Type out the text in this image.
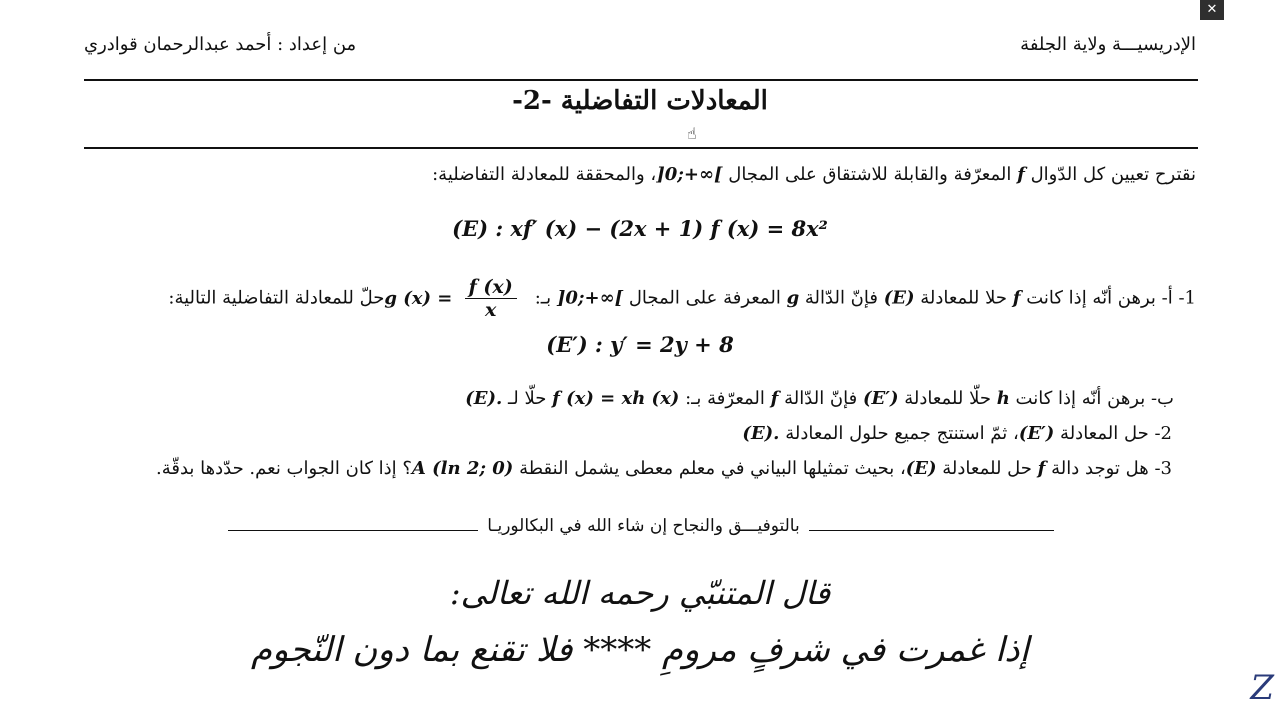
✕
الإدريسيـــة ولاية الجلفة
من إعداد : أحمد عبدالرحمان قوادري
المعادلات التفاضلية -2-
☝
نقترح تعيين كل الدّوال f المعرّفة والقابلة للاشتقاق على المجال ]0;+∞[، والمحققة للمعادلة التفاضلية:
(E) : xf′ (x) − (2x + 1) f (x) = 8x²
1- أ- برهن أنّه إذا كانت f حلا للمعادلة (E) فإنّ الدّالة g المعرفة على المجال ]0;+∞[ بـ: g $(x) = \frac{f (x)}{x}$
حلّ للمعادلة التفاضلية التالية:
(E′) : y′ = 2y + 8
ب- برهن أنّه إذا كانت h حلّا للمعادلة (E′) فإنّ الدّالة f المعرّفة بـ: f (x) = xh (x) حلّا لـ (E).
2- حل المعادلة (E′)، ثمّ استنتج جميع حلول المعادلة (E).
3- هل توجد دالة f حل للمعادلة (E)، بحيث تمثيلها البياني في معلم معطى يشمل النقطة A (ln 2; 0)؟ إذا كان الجواب نعم. حدّدها بدقّة.
بالتوفيـــق والنجاح إن شاء الله في البكالوريـا
قال المتنبّي رحمه الله تعالى:
إذا غمرت في شرفٍ مرومِ **** فلا تقنع بما دون النّجوم
Z
